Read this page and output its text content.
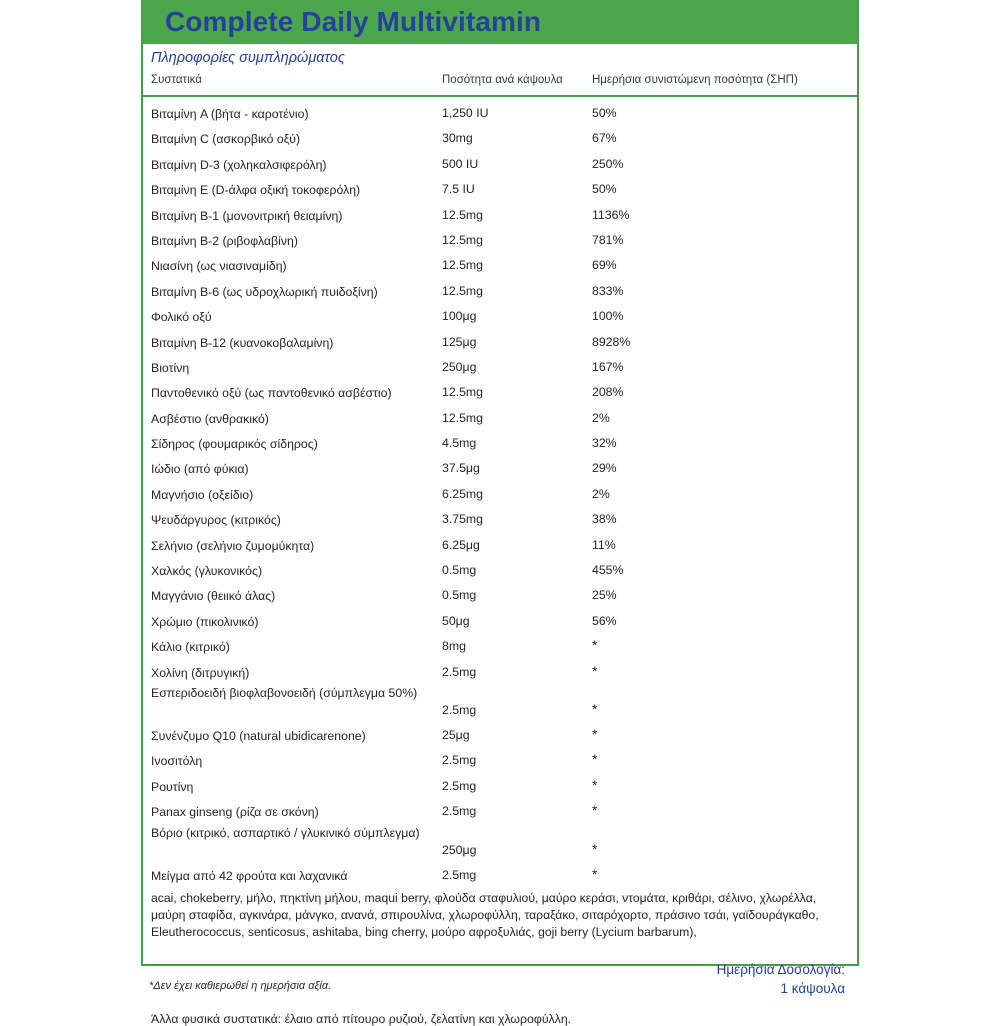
Complete Daily Multivitamin
Πληροφορίες συμπληρώματος
Συστατικά	Ποσότητα ανά κάψουλα	Ημερήσια συνιστώμενη ποσότητα (ΣΗΠ)
Βιταμίνη A (βήτα - καροτένιο)	1,250 IU	50%
Βιταμίνη C (ασκορβικό οξύ)	30mg	67%
Βιταμίνη D-3 (χοληκαλσιφερόλη)	500 IU	250%
Βιταμίνη E (D-άλφα οξική τοκοφερόλη)	7.5 IU	50%
Βιταμίνη B-1 (μονονιτρική θειαμίνη)	12.5mg	1136%
Βιταμίνη B-2 (ριβοφλαβίνη)	12.5mg	781%
Νιασίνη (ως νιασιναμίδη)	12.5mg	69%
Βιταμίνη B-6 (ως υδροχλωρική πυιδοξίνη)	12.5mg	833%
Φολικό οξύ	100μg	100%
Βιταμίνη B-12 (κυανοκοβαλαμίνη)	125μg	8928%
Βιοτίνη	250μg	167%
Παντοθενικό οξύ (ως παντοθενικό ασβέστιο)	12.5mg	208%
Ασβέστιο (ανθρακικό)	12.5mg	2%
Σίδηρος (φουμαρικός σίδηρος)	4.5mg	32%
Ιώδιο (από φύκια)	37.5μg	29%
Μαγνήσιο (οξείδιο)	6.25mg	2%
Ψευδάργυρος (κιτρικός)	3.75mg	38%
Σελήνιο (σελήνιο ζυμομύκητα)	6.25μg	11%
Χαλκός (γλυκονικός)	0.5mg	455%
Μαγγάνιο (θειικό άλας)	0.5mg	25%
Χρώμιο (πικολινικό)	50μg	56%
Κάλιο (κιτρικό)	8mg	*
Χολίνη (διτρυγική)	2.5mg	*
Εσπεριδοειδή βιοφλαβονοειδή (σύμπλεγμα 50%)
2.5mg	*
Συνένζυμο Q10 (natural ubidicarenone)	25μg	*
Ινοσιτόλη	2.5mg	*
Ρουτίνη	2.5mg	*
Panax ginseng (ρίζα σε σκόνη)	2.5mg	*
Βόριο (κιτρικό, ασπαρτικό / γλυκινικό σύμπλεγμα)
250μg	*
Μείγμα από 42 φρούτα και λαχανικά	2.5mg	*
acai, chokeberry, μήλο, πηκτίνη μήλου, maqui berry, φλούδα σταφυλιού, μαύρο κεράσι, ντομάτα, κριθάρι, σέλινο, χλωρέλλα, μαύρη σταφίδα, αγκινάρα, μάνγκο, ανανά, σπιρουλίνα, χλωροφύλλη, ταραξάκο, σιταρόχορτο, πράσινο τσάι, γαϊδουράγκαθο, Eleutherococcus, senticosus, ashitaba, bing cherry, μούρο αφροξυλιάς, goji berry (Lycium barbarum),
Ημερήσια Δοσολογία:
1 κάψουλα
Άλλα φυσικά συστατικά: έλαιο από πίτουρο ρυζιού, ζελατίνη και χλωροφύλλη.
*Δεν έχει καθιερωθεί η ημερήσια αξία.
